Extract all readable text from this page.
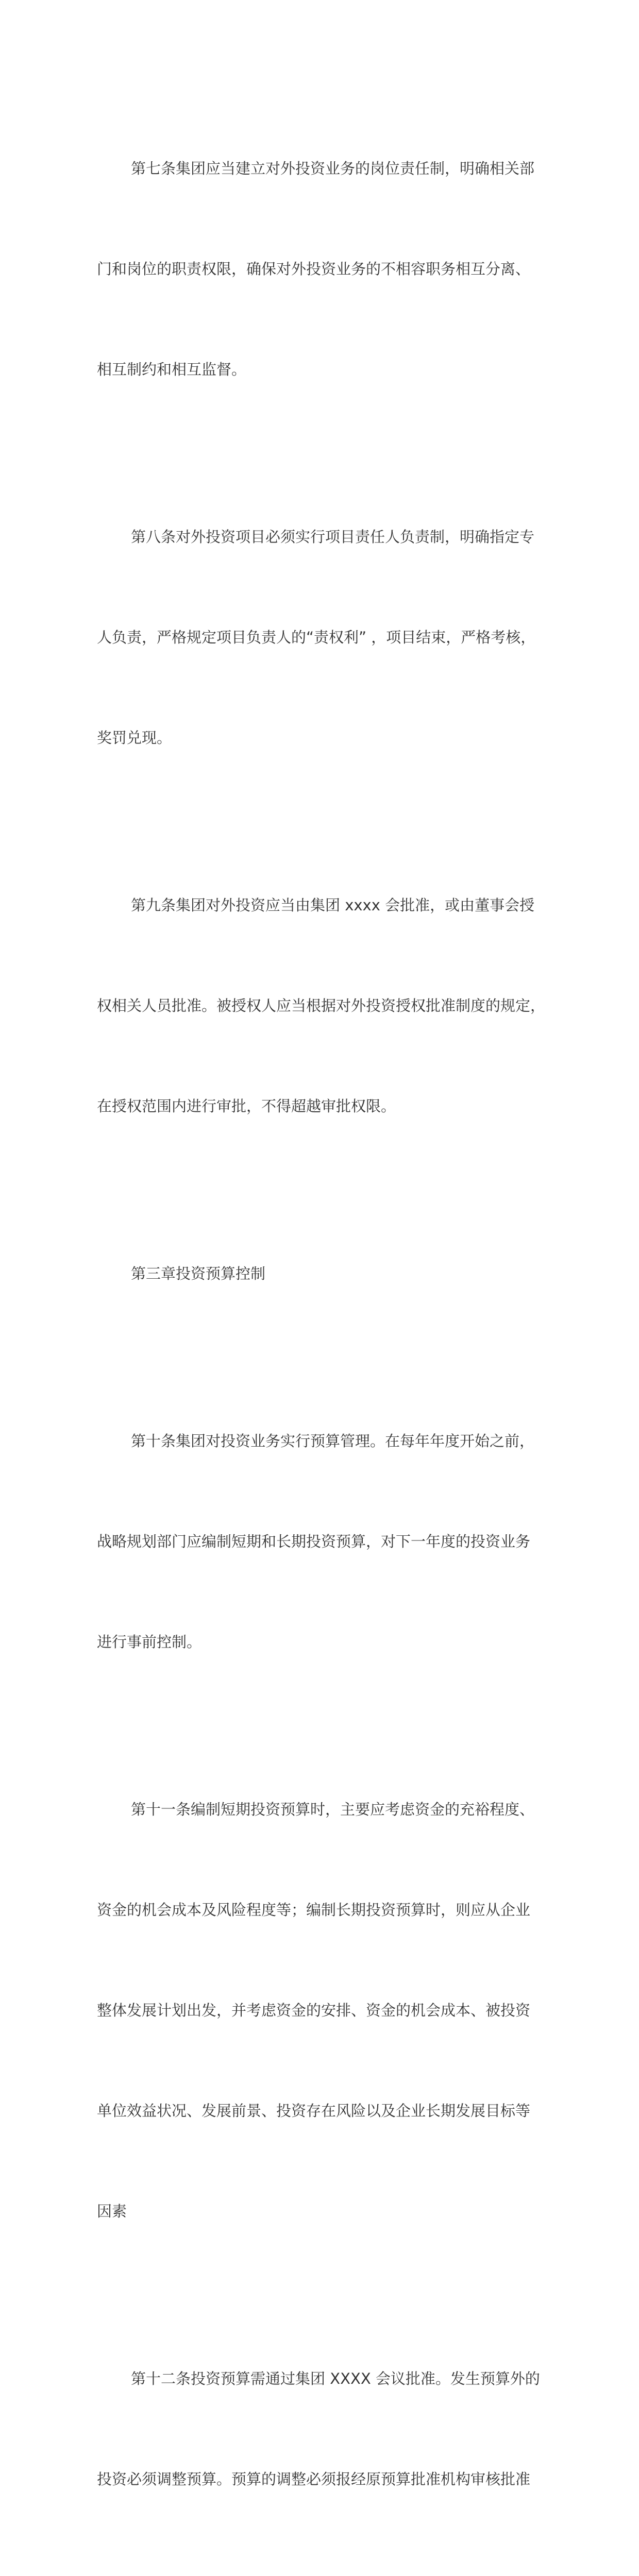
第七条集团应当建立对外投资业务的岗位责任制，明确相关部

门和岗位的职责权限，确保对外投资业务的不相容职务相互分离、

相互制约和相互监督。

第八条对外投资项目必须实行项目责任人负责制，明确指定专

人负责，严格规定项目负责人的“责权利” ，项目结束，严格考核，

奖罚兑现。

第九条集团对外投资应当由集团 xxxx 会批准，或由董事会授

权相关人员批准。被授权人应当根据对外投资授权批准制度的规定，

在授权范围内进行审批，不得超越审批权限。

第三章投资预算控制

第十条集团对投资业务实行预算管理。在每年年度开始之前，

战略规划部门应编制短期和长期投资预算，对下一年度的投资业务

进行事前控制。

第十一条编制短期投资预算时，主要应考虑资金的充裕程度、

资金的机会成本及风险程度等；编制长期投资预算时，则应从企业

整体发展计划出发，并考虑资金的安排、资金的机会成本、被投资

单位效益状况、发展前景、投资存在风险以及企业长期发展目标等

因素

第十二条投资预算需通过集团 XXXX 会议批准。发生预算外的

投资必须调整预算。预算的调整必须报经原预算批准机构审核批准
